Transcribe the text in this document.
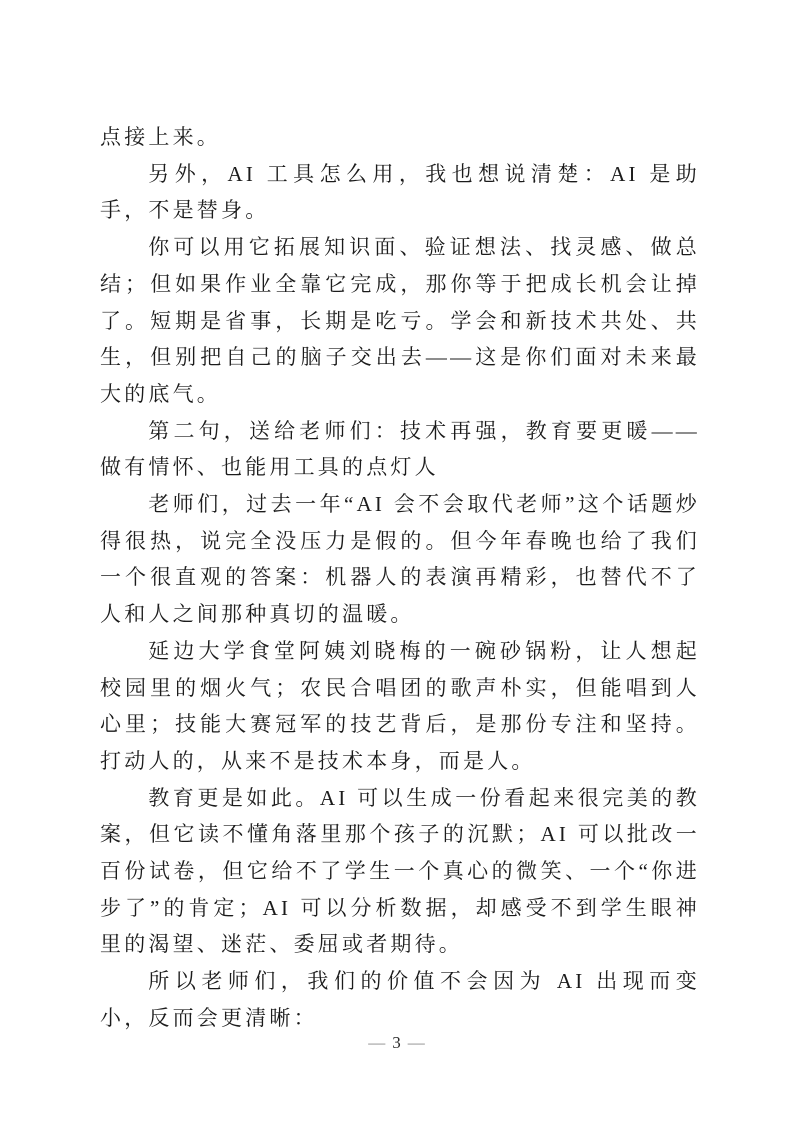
点接上来。

另外，AI 工具怎么用，我也想说清楚：AI 是助手，不是替身。

你可以用它拓展知识面、验证想法、找灵感、做总结；但如果作业全靠它完成，那你等于把成长机会让掉了。短期是省事，长期是吃亏。学会和新技术共处、共生，但别把自己的脑子交出去——这是你们面对未来最大的底气。

第二句，送给老师们：技术再强，教育要更暖——做有情怀、也能用工具的点灯人

老师们，过去一年“AI 会不会取代老师”这个话题炒得很热，说完全没压力是假的。但今年春晚也给了我们一个很直观的答案：机器人的表演再精彩，也替代不了人和人之间那种真切的温暖。

延边大学食堂阿姨刘晓梅的一碗砂锅粉，让人想起校园里的烟火气；农民合唱团的歌声朴实，但能唱到人心里；技能大赛冠军的技艺背后，是那份专注和坚持。打动人的，从来不是技术本身，而是人。

教育更是如此。AI 可以生成一份看起来很完美的教案，但它读不懂角落里那个孩子的沉默；AI 可以批改一百份试卷，但它给不了学生一个真心的微笑、一个“你进步了”的肯定；AI 可以分析数据，却感受不到学生眼神里的渴望、迷茫、委屈或者期待。

所以老师们，我们的价值不会因为 AI 出现而变小，反而会更清晰：

— 3 —
